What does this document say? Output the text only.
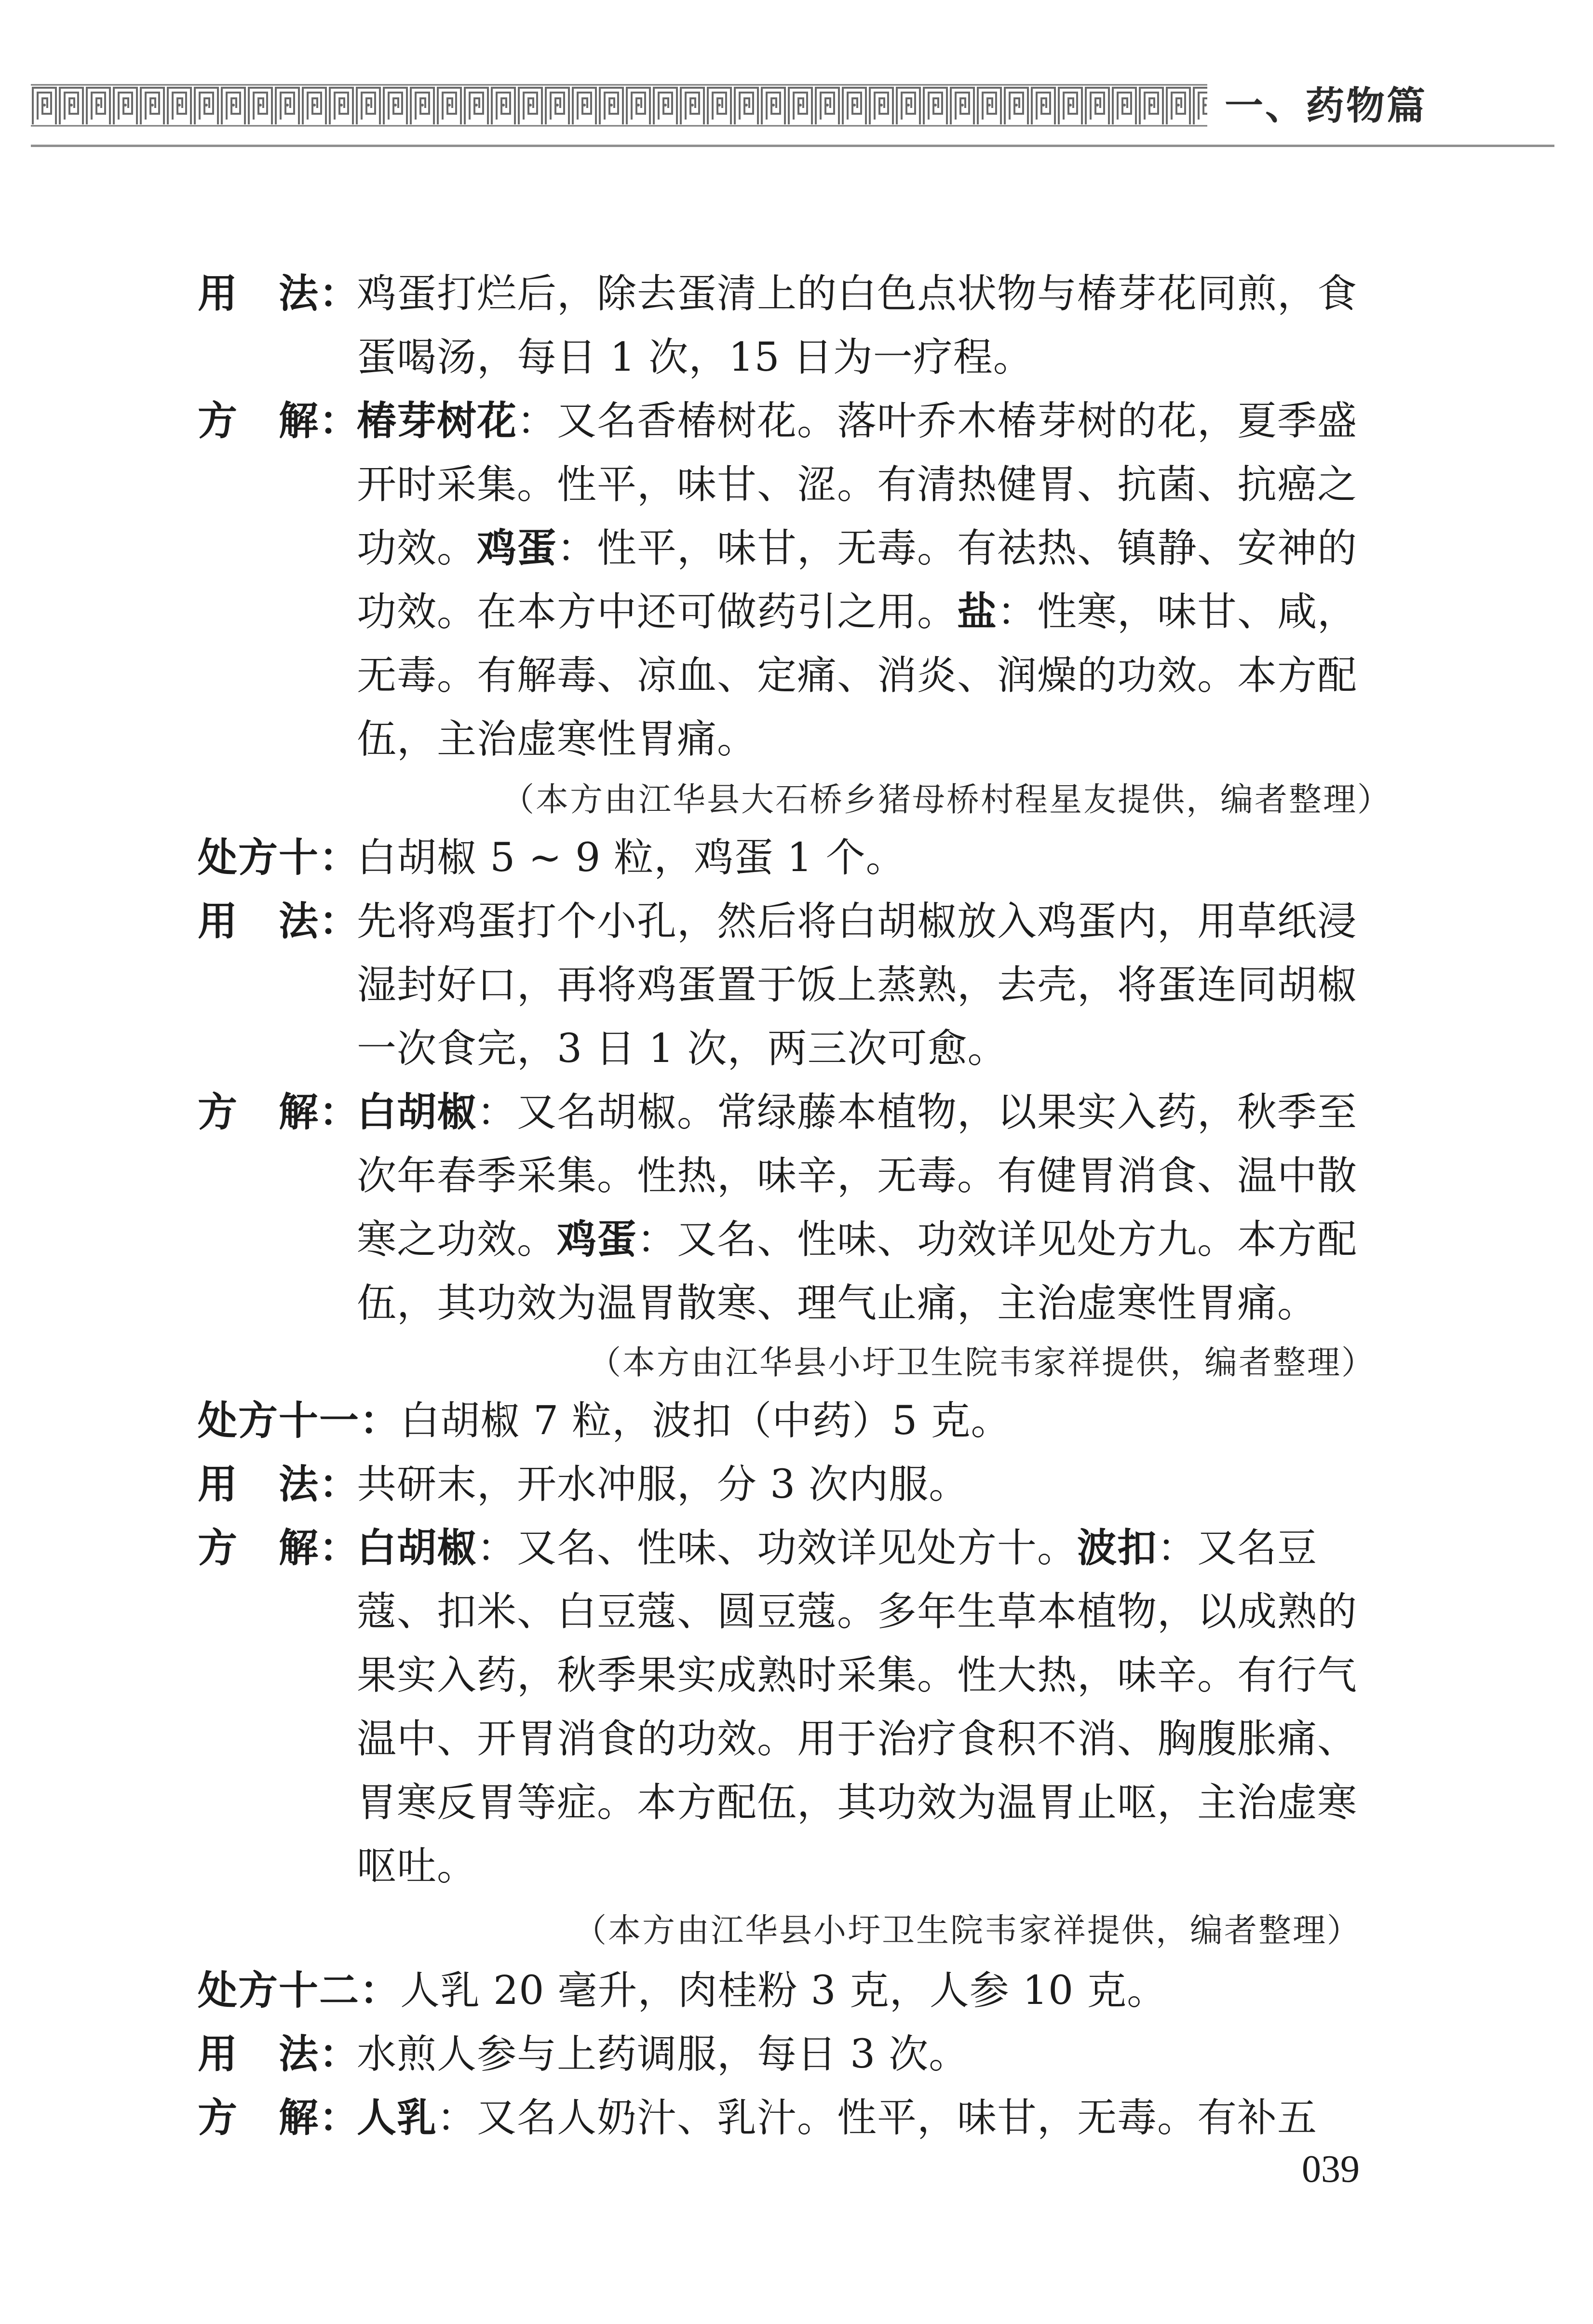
一、药物篇
用　法：
鸡蛋打烂后，除去蛋清上的白色点状物与椿芽花同煎，食
蛋喝汤，每日 1 次，15 日为一疗程。
方　解：
椿芽树花：又名香椿树花。落叶乔木椿芽树的花，夏季盛
开时采集。性平，味甘、涩。有清热健胃、抗菌、抗癌之
功效。鸡蛋：性平，味甘，无毒。有祛热、镇静、安神的
功效。在本方中还可做药引之用。盐：性寒，味甘、咸，
无毒。有解毒、凉血、定痛、消炎、润燥的功效。本方配
伍，主治虚寒性胃痛。
（本方由江华县大石桥乡猪母桥村程星友提供，编者整理）
处方十：
白胡椒 5 ~ 9 粒，鸡蛋 1 个。
用　法：
先将鸡蛋打个小孔，然后将白胡椒放入鸡蛋内，用草纸浸
湿封好口，再将鸡蛋置于饭上蒸熟，去壳，将蛋连同胡椒
一次食完，3 日 1 次，两三次可愈。
方　解：
白胡椒：又名胡椒。常绿藤本植物，以果实入药，秋季至
次年春季采集。性热，味辛，无毒。有健胃消食、温中散
寒之功效。鸡蛋：又名、性味、功效详见处方九。本方配
伍，其功效为温胃散寒、理气止痛，主治虚寒性胃痛。
（本方由江华县小圩卫生院韦家祥提供，编者整理）
处方十一： 白胡椒 7 粒，波扣（中药）5 克。
用　法：
共研末，开水冲服，分 3 次内服。
方　解：
白胡椒：又名、性味、功效详见处方十。波扣：又名豆
蔻、扣米、白豆蔻、圆豆蔻。多年生草本植物，以成熟的
果实入药，秋季果实成熟时采集。性大热，味辛。有行气
温中、开胃消食的功效。用于治疗食积不消、胸腹胀痛、
胃寒反胃等症。本方配伍，其功效为温胃止呕，主治虚寒
呕吐。
（本方由江华县小圩卫生院韦家祥提供，编者整理）
处方十二： 人乳 20 毫升，肉桂粉 3 克，人参 10 克。
用　法：
水煎人参与上药调服，每日 3 次。
方　解：
人乳：又名人奶汁、乳汁。性平，味甘，无毒。有补五
039
